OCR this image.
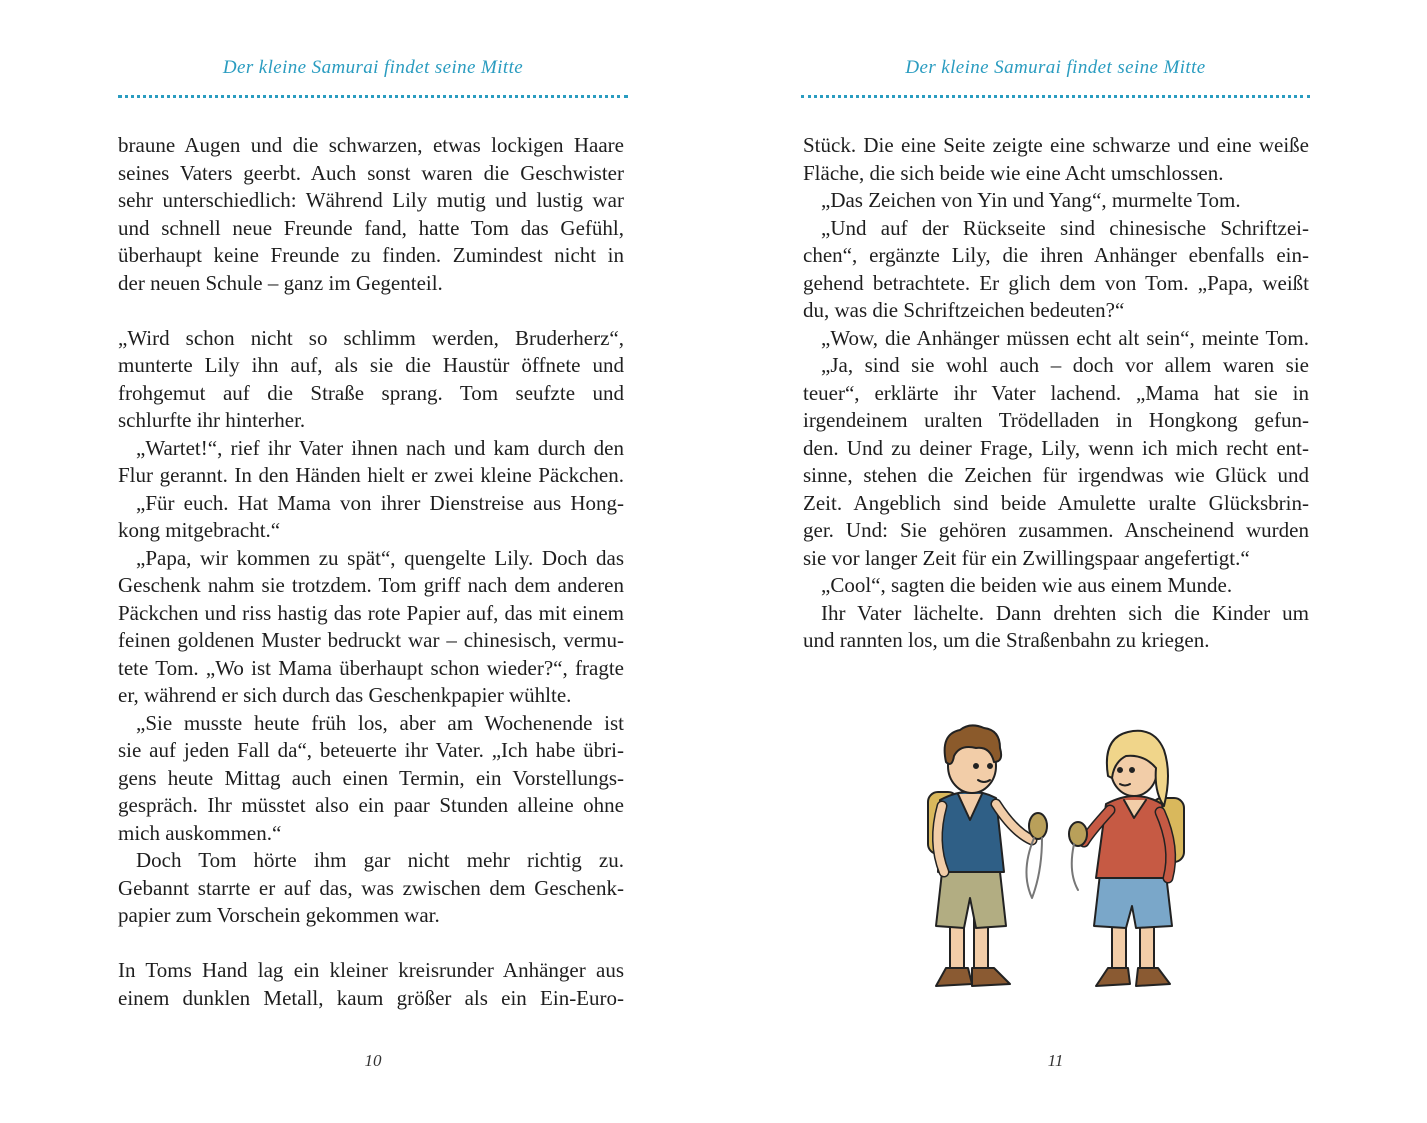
Der kleine Samurai findet seine Mitte
braune Augen und die schwarzen, etwas lockigen Haare
seines Vaters geerbt. Auch sonst waren die Geschwister
sehr unterschiedlich: Während Lily mutig und lustig war
und schnell neue Freunde fand, hatte Tom das Gefühl,
überhaupt keine Freunde zu finden. Zumindest nicht in
der neuen Schule – ganz im Gegenteil.
„Wird schon nicht so schlimm werden, Bruderherz“,
munterte Lily ihn auf, als sie die Haustür öffnete und
frohgemut auf die Straße sprang. Tom seufzte und
schlurfte ihr hinterher.
„Wartet!“, rief ihr Vater ihnen nach und kam durch den
Flur gerannt. In den Händen hielt er zwei kleine Päckchen.
„Für euch. Hat Mama von ihrer Dienstreise aus Hong-
kong mitgebracht.“
„Papa, wir kommen zu spät“, quengelte Lily. Doch das
Geschenk nahm sie trotzdem. Tom griff nach dem anderen
Päckchen und riss hastig das rote Papier auf, das mit einem
feinen goldenen Muster bedruckt war – chinesisch, vermu-
tete Tom. „Wo ist Mama überhaupt schon wieder?“, fragte
er, während er sich durch das Geschenkpapier wühlte.
„Sie musste heute früh los, aber am Wochenende ist
sie auf jeden Fall da“, beteuerte ihr Vater. „Ich habe übri-
gens heute Mittag auch einen Termin, ein Vorstellungs-
gespräch. Ihr müsstet also ein paar Stunden alleine ohne
mich auskommen.“
Doch Tom hörte ihm gar nicht mehr richtig zu.
Gebannt starrte er auf das, was zwischen dem Geschenk-
papier zum Vorschein gekommen war.
In Toms Hand lag ein kleiner kreisrunder Anhänger aus
einem dunklen Metall, kaum größer als ein Ein-Euro-
10
Der kleine Samurai findet seine Mitte
Stück. Die eine Seite zeigte eine schwarze und eine weiße
Fläche, die sich beide wie eine Acht umschlossen.
„Das Zeichen von Yin und Yang“, murmelte Tom.
„Und auf der Rückseite sind chinesische Schriftzei-
chen“, ergänzte Lily, die ihren Anhänger ebenfalls ein-
gehend betrachtete. Er glich dem von Tom. „Papa, weißt
du, was die Schriftzeichen bedeuten?“
„Wow, die Anhänger müssen echt alt sein“, meinte Tom.
„Ja, sind sie wohl auch – doch vor allem waren sie
teuer“, erklärte ihr Vater lachend. „Mama hat sie in
irgendeinem uralten Trödelladen in Hongkong gefun-
den. Und zu deiner Frage, Lily, wenn ich mich recht ent-
sinne, stehen die Zeichen für irgendwas wie Glück und
Zeit. Angeblich sind beide Amulette uralte Glücksbrin-
ger. Und: Sie gehören zusammen. Anscheinend wurden
sie vor langer Zeit für ein Zwillingspaar angefertigt.“
„Cool“, sagten die beiden wie aus einem Munde.
Ihr Vater lächelte. Dann drehten sich die Kinder um
und rannten los, um die Straßenbahn zu kriegen.
11
